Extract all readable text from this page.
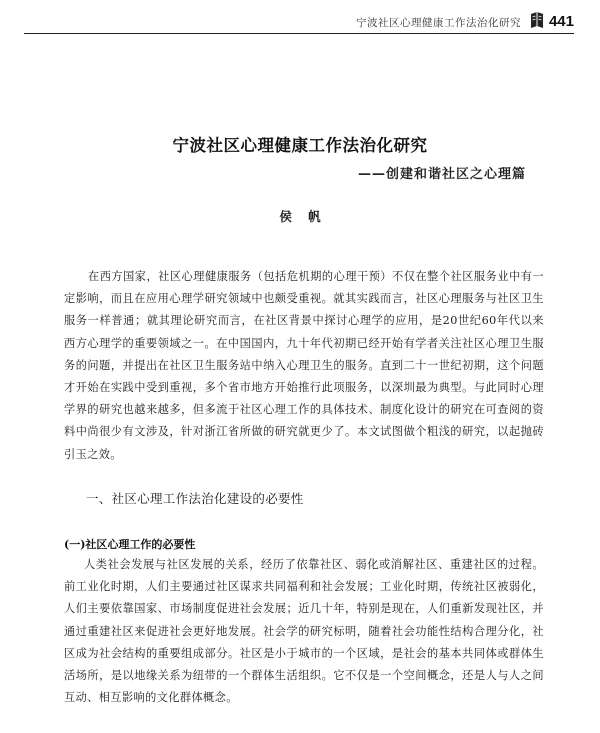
宁波社区心理健康工作法治化研究 441
宁波社区心理健康工作法治化研究
——创建和谐社区之心理篇
侯 帆

在西方国家，社区心理健康服务（包括危机期的心理干预）不仅在整个社区服务业中有一定影响，而且在应用心理学研究领域中也颇受重视。就其实践而言，社区心理服务与社区卫生服务一样普通；就其理论研究而言，在社区背景中探讨心理学的应用，是20世纪60年代以来西方心理学的重要领域之一。在中国国内，九十年代初期已经开始有学者关注社区心理卫生服务的问题，并提出在社区卫生服务站中纳入心理卫生的服务。直到二十一世纪初期，这个问题才开始在实践中受到重视，多个省市地方开始推行此项服务，以深圳最为典型。与此同时心理学界的研究也越来越多，但多流于社区心理工作的具体技术、制度化设计的研究在可查阅的资料中尚很少有文涉及，针对浙江省所做的研究就更少了。本文试图做个粗浅的研究，以起抛砖引玉之效。

一、社区心理工作法治化建设的必要性
(一)社区心理工作的必要性

人类社会发展与社区发展的关系，经历了依靠社区、弱化或消解社区、重建社区的过程。前工业化时期，人们主要通过社区谋求共同福利和社会发展；工业化时期，传统社区被弱化，人们主要依靠国家、市场制度促进社会发展；近几十年，特别是现在，人们重新发现社区，并通过重建社区来促进社会更好地发展。社会学的研究标明，随着社会功能性结构合理分化，社区成为社会结构的重要组成部分。社区是小于城市的一个区域，是社会的基本共同体或群体生活场所，是以地缘关系为纽带的一个群体生活组织。它不仅是一个空间概念，还是人与人之间互动、相互影响的文化群体概念。
